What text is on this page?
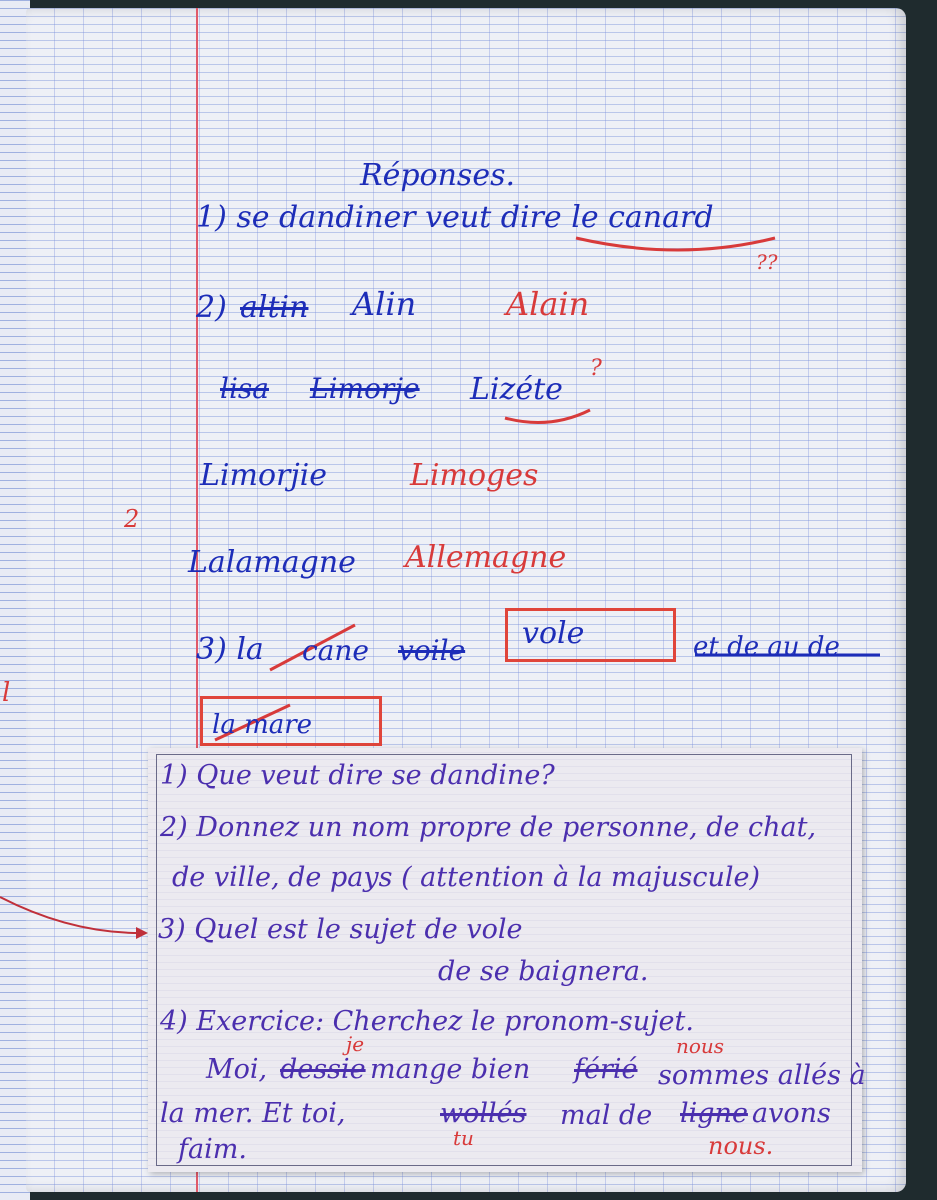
Réponses.
1) se dandiner veut dire le canard
??
2) altin Alin	Alain
lisa Limorje Lizéte
?
Limorjie	Limoges
2
Lalamagne Allemagne
3) la cane voile vole	et de au de
la mare
l
1) Que veut dire se dandine?
2) Donnez un nom propre de personne, de chat,
de ville, de pays ( attention à la majuscule)
3) Quel est le sujet de vole
de se baignera.
4) Exercice: Cherchez le pronom-sujet.
Moi, dessie
je
mange bien férié
nous
sommes allés à
la mer. Et toi,	wollés mal de ligne avons
tu
faim.	nous.
